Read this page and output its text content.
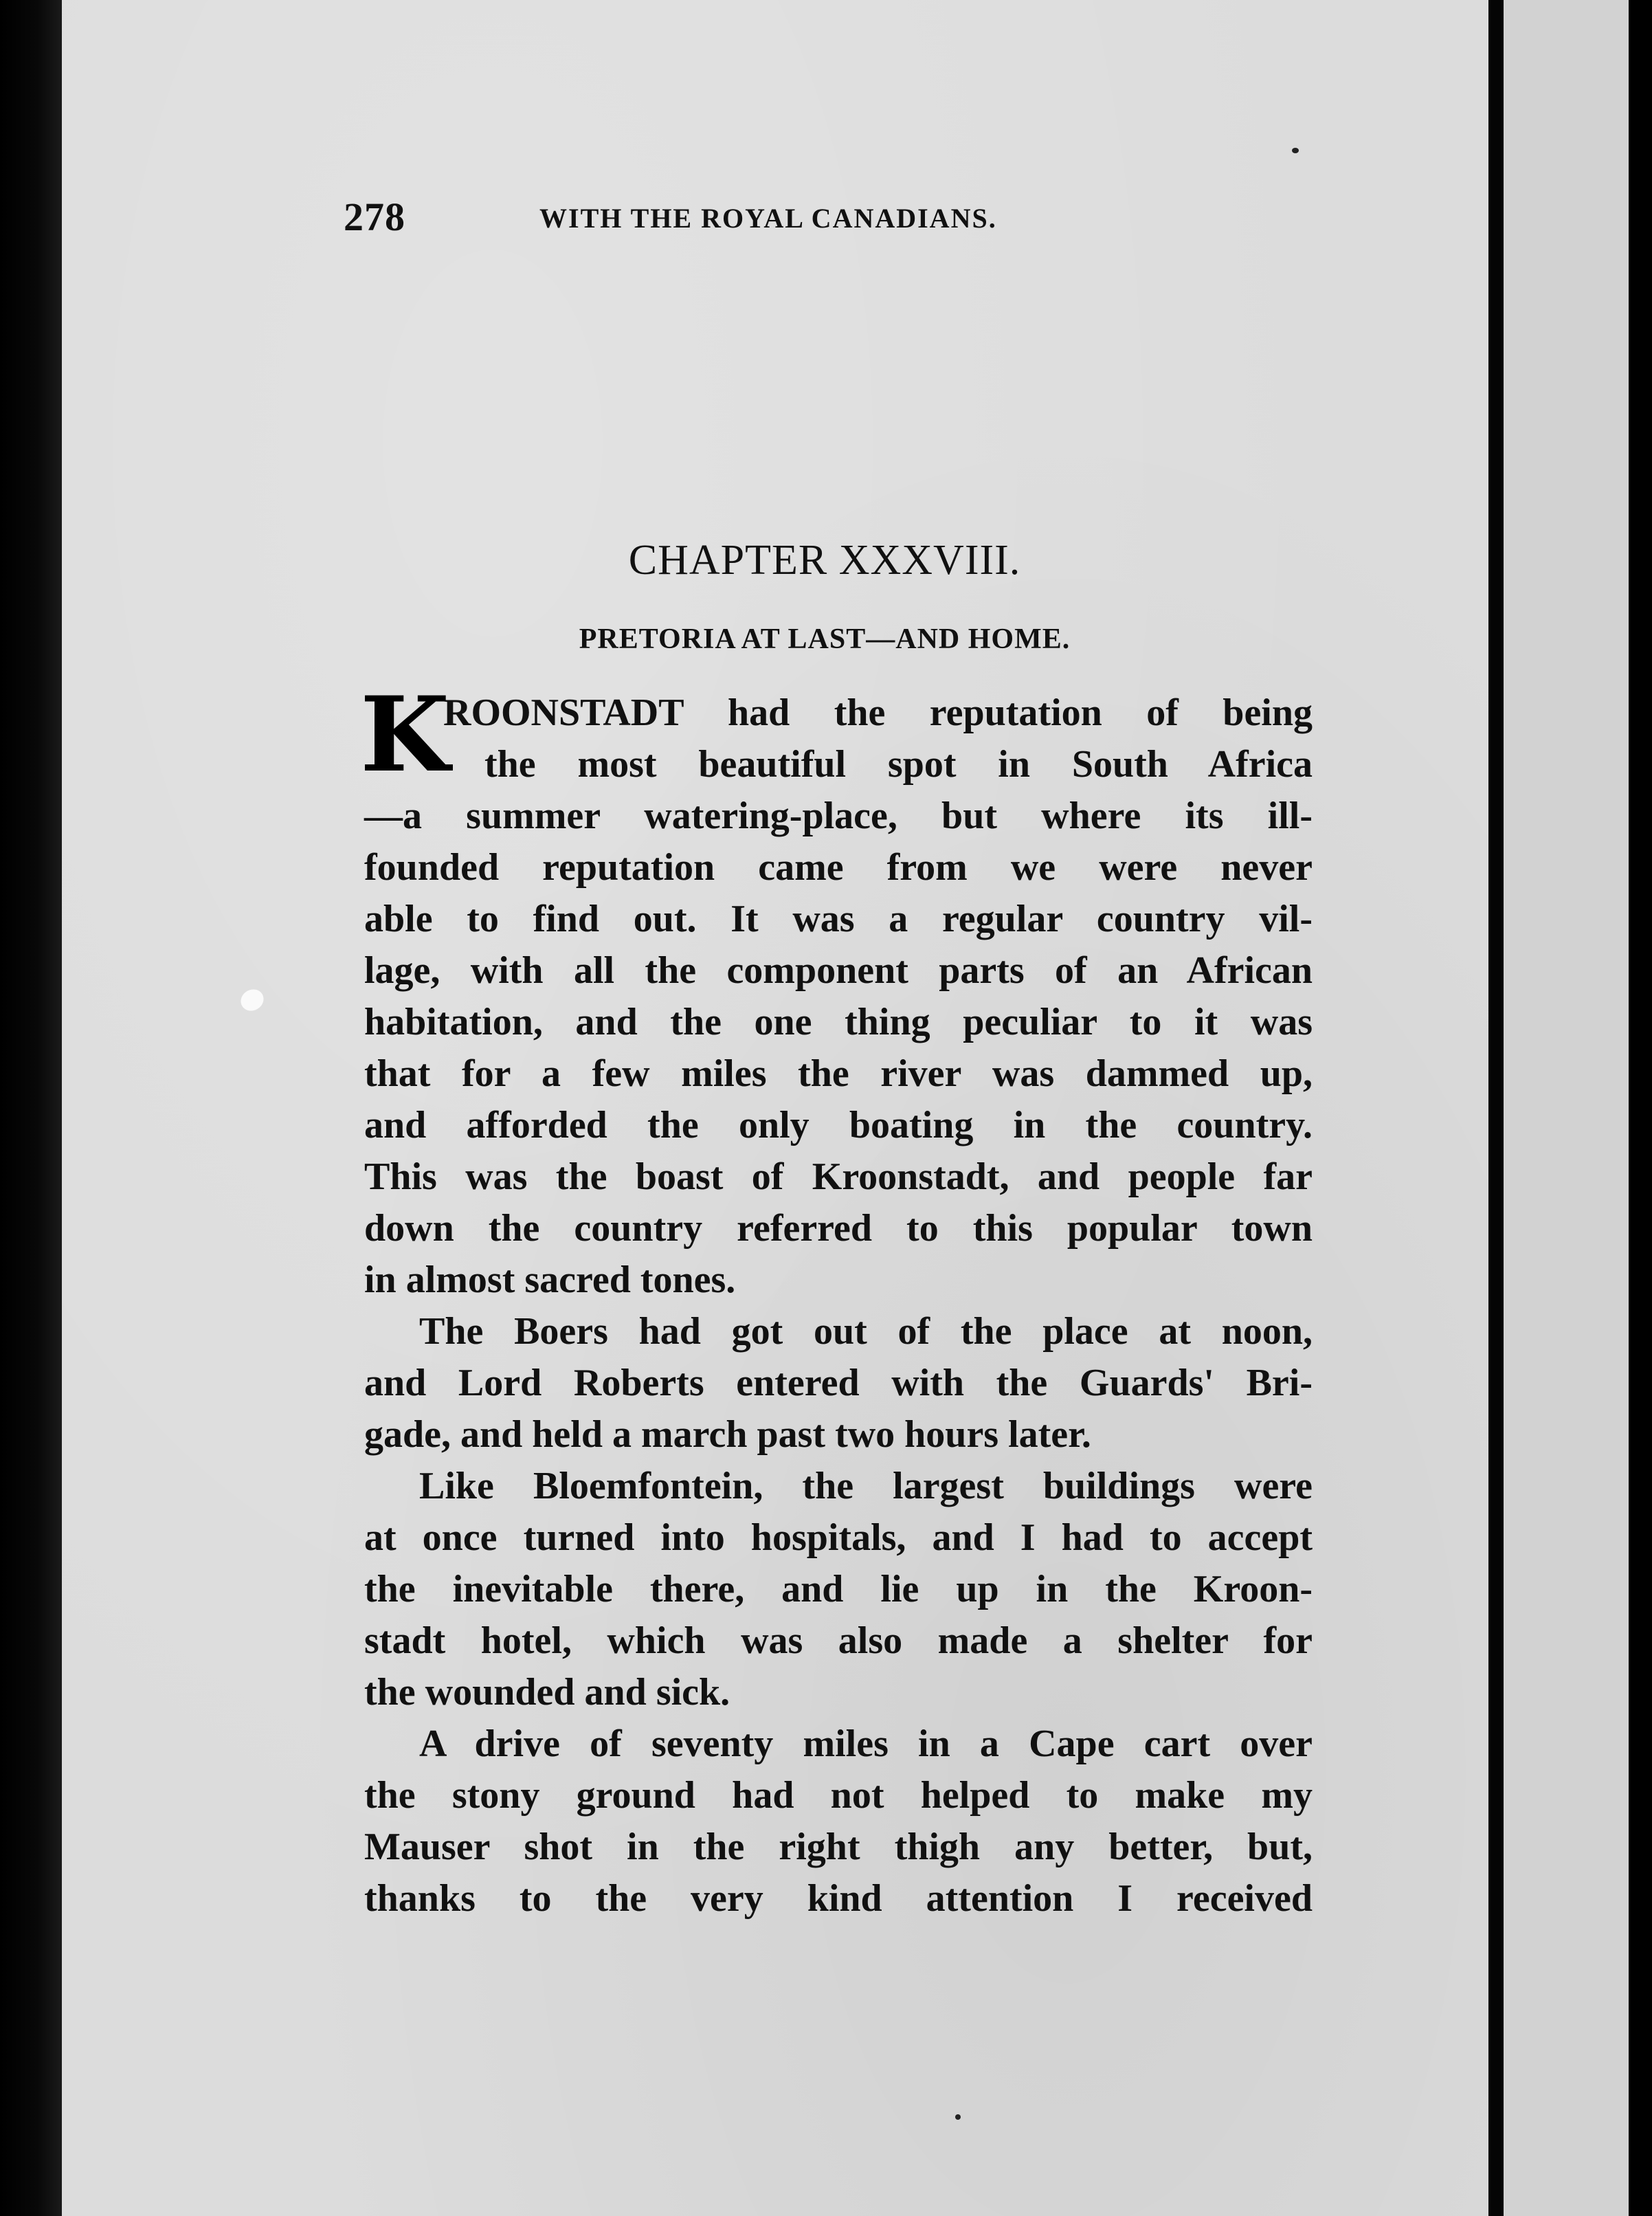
278	WITH THE ROYAL CANADIANS.
CHAPTER XXXVIII.
PRETORIA AT LAST—AND HOME.
K
ROONSTADT had the reputation of being
the most beautiful spot in South Africa
—a summer watering-place, but where its ill-
founded reputation came from we were never
able to find out. It was a regular country vil-
lage, with all the component parts of an African
habitation, and the one thing peculiar to it was
that for a few miles the river was dammed up,
and afforded the only boating in the country.
This was the boast of Kroonstadt, and people far
down the country referred to this popular town
in almost sacred tones.
The Boers had got out of the place at noon,
and Lord Roberts entered with the Guards' Bri-
gade, and held a march past two hours later.
Like Bloemfontein, the largest buildings were
at once turned into hospitals, and I had to accept
the inevitable there, and lie up in the Kroon-
stadt hotel, which was also made a shelter for
the wounded and sick.
A drive of seventy miles in a Cape cart over
the stony ground had not helped to make my
Mauser shot in the right thigh any better, but,
thanks to the very kind attention I received
